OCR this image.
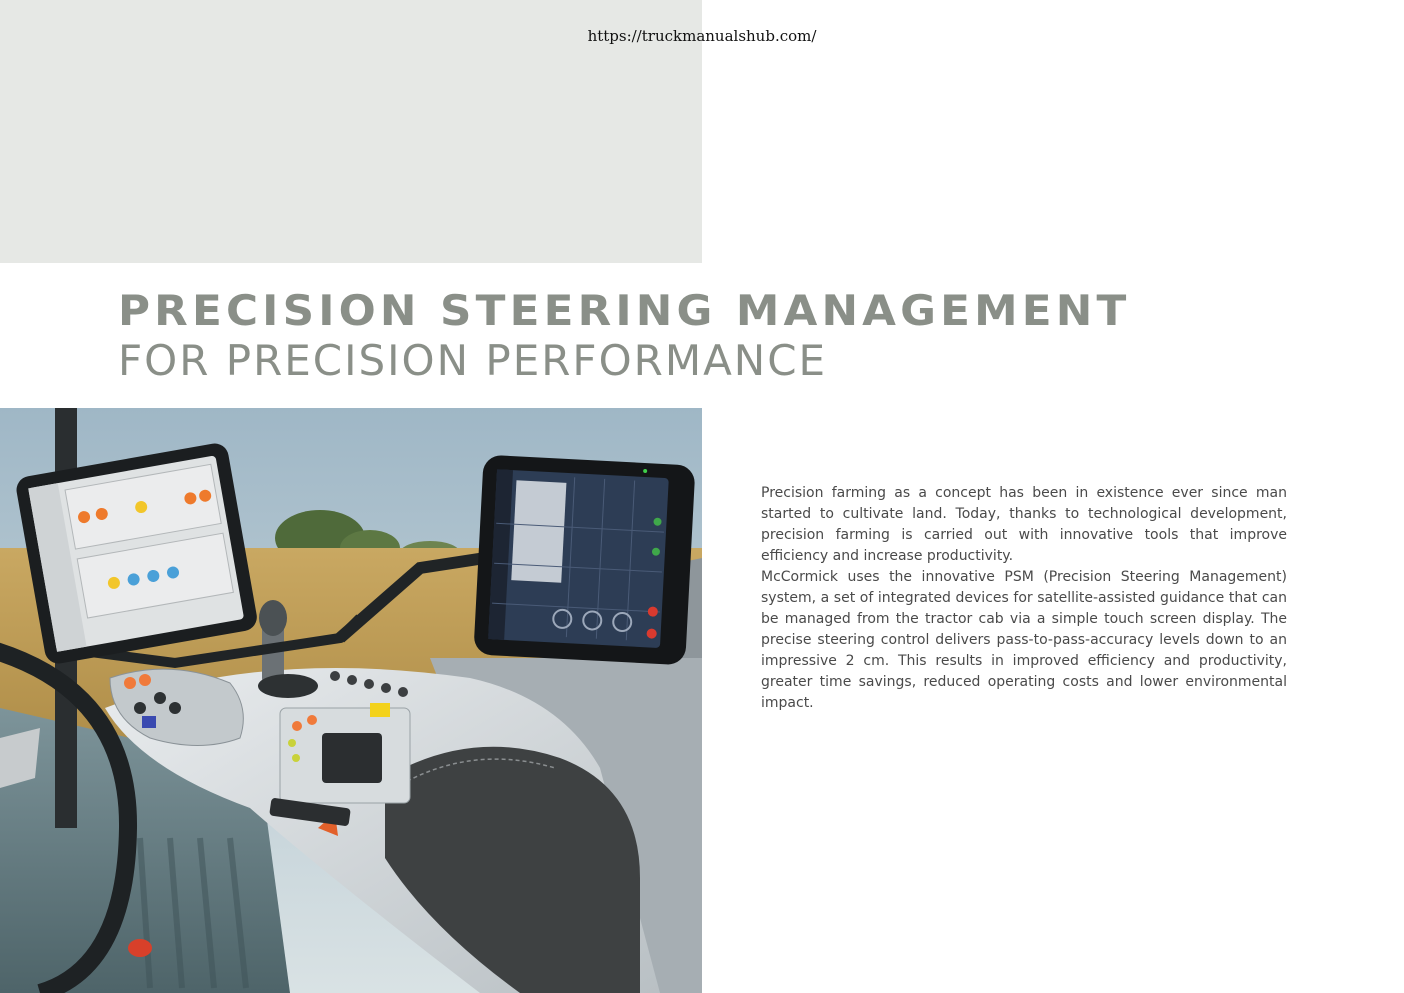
https://truckmanualshub.com/
PRECISION STEERING MANAGEMENT
FOR PRECISION PERFORMANCE

Precision farming as a concept has been in existence ever since man started to cultivate land. Today, thanks to technological development, precision farming is carried out with innovative tools that improve efficiency and increase productivity.

McCormick uses the innovative PSM (Precision Steering Management) system, a set of integrated devices for satellite-assisted guidance that can be managed from the tractor cab via a simple touch screen display. The precise steering control delivers pass-to-pass-accuracy levels down to an impressive 2 cm. This results in improved efficiency and productivity, greater time savings, reduced operating costs and lower environmental impact.
